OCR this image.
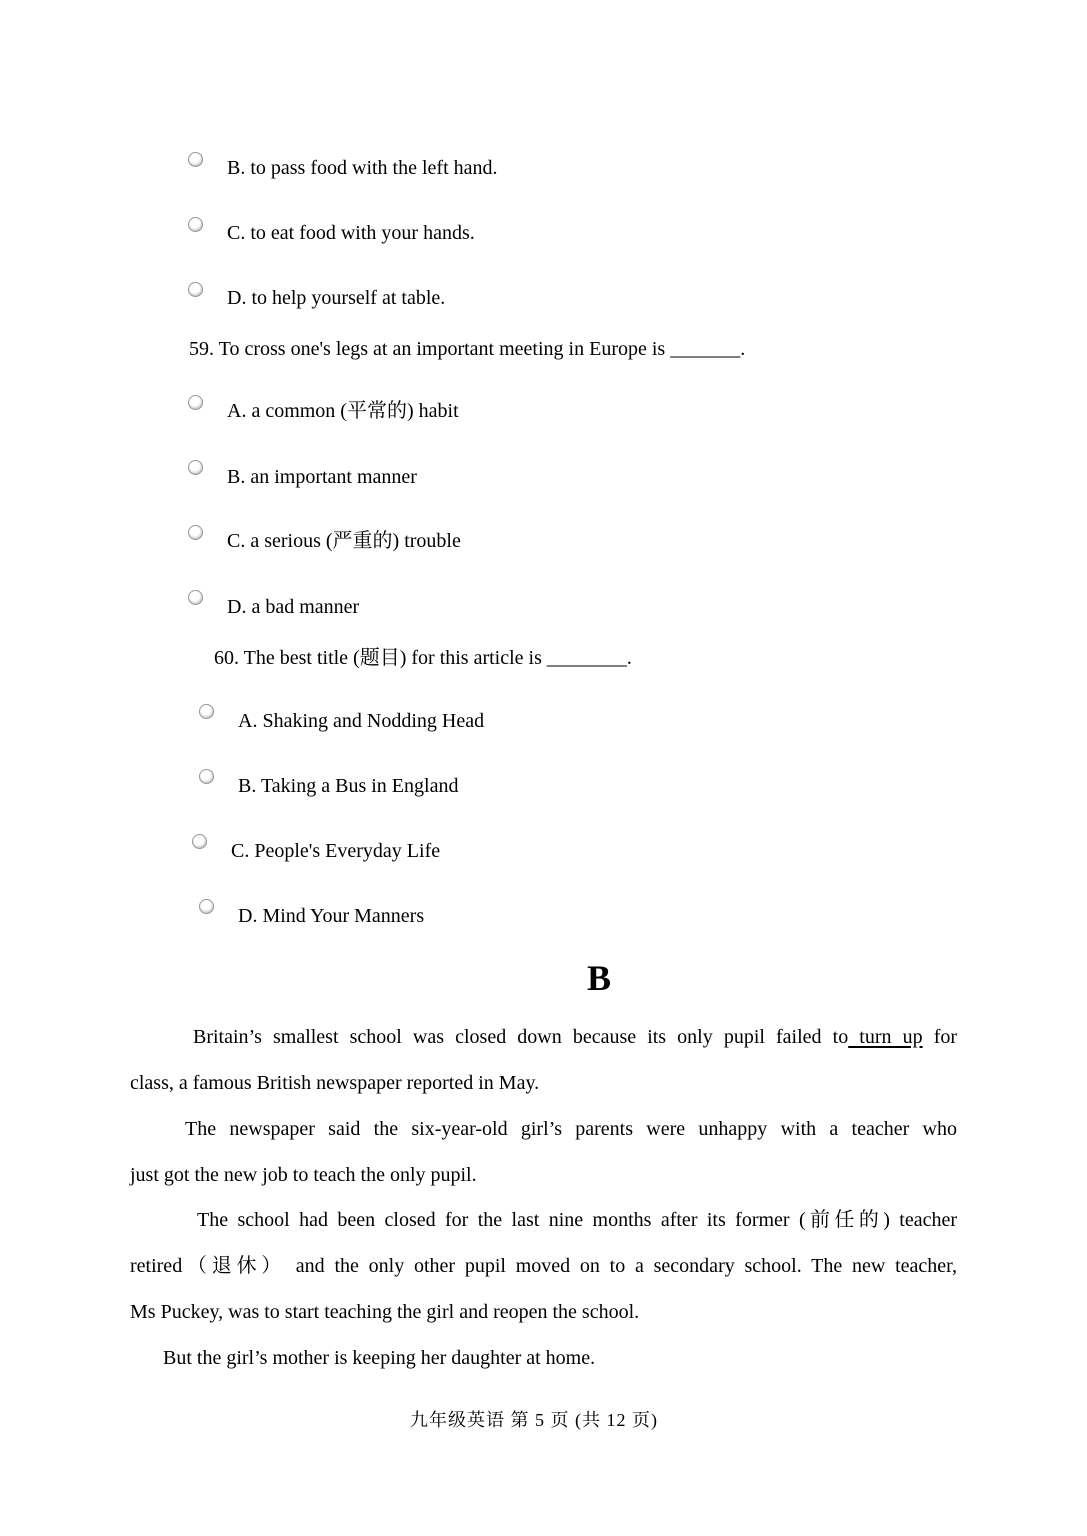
B. to pass food with the left hand.
C. to eat food with your hands.
D. to help yourself at table.
59. To cross one's legs at an important meeting in Europe is _______.
A. a common (平常的) habit
B. an important manner
C. a serious (严重的) trouble
D. a bad manner
60. The best title (题目) for this article is ________.
A. Shaking and Nodding Head
B. Taking a Bus in England
C. People's Everyday Life
D. Mind Your Manners
B
Britain’s smallest school was closed down because its only pupil failed to turn up for
class, a famous British newspaper reported in May.
The newspaper said the six-year-old girl’s parents were unhappy with a teacher who
just got the new job to teach the only pupil.
The school had been closed for the last nine months after its former (前任的) teacher
retired（退休） and the only other pupil moved on to a secondary school. The new teacher,
Ms Puckey, was to start teaching the girl and reopen the school.
But the girl’s mother is keeping her daughter at home.
九年级英语 第 5 页 (共 12 页)
